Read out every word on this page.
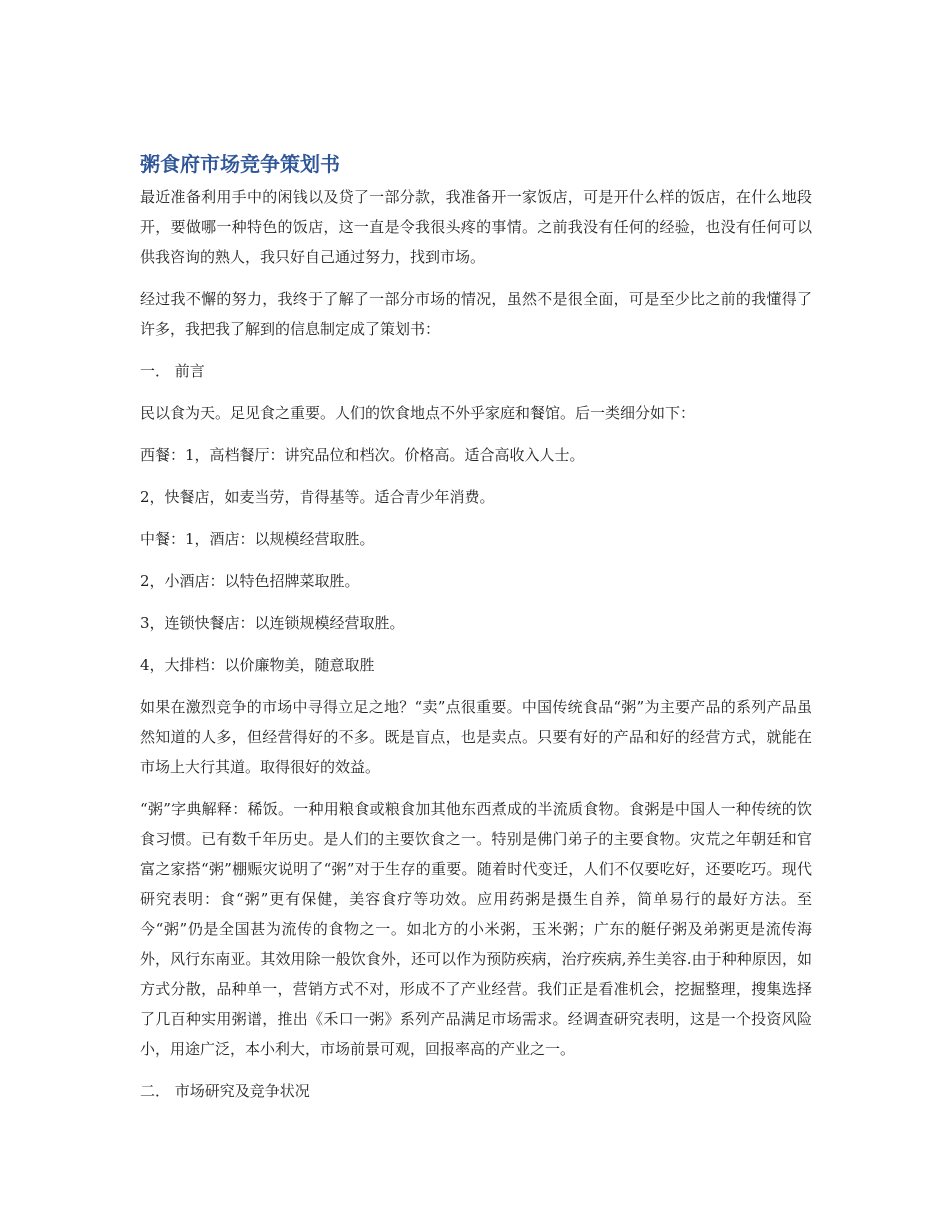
粥食府市场竞争策划书

最近准备利用手中的闲钱以及贷了一部分款，我准备开一家饭店，可是开什么样的饭店，在什么地段开，要做哪一种特色的饭店，这一直是令我很头疼的事情。之前我没有任何的经验，也没有任何可以供我咨询的熟人，我只好自己通过努力，找到市场。

经过我不懈的努力，我终于了解了一部分市场的情况，虽然不是很全面，可是至少比之前的我懂得了许多，我把我了解到的信息制定成了策划书：

一． 前言

民以食为天。足见食之重要。人们的饮食地点不外乎家庭和餐馆。后一类细分如下：

西餐：1，高档餐厅：讲究品位和档次。价格高。适合高收入人士。

2，快餐店，如麦当劳，肯得基等。适合青少年消费。

中餐：1，酒店：以规模经营取胜。

2，小酒店：以特色招牌菜取胜。

3，连锁快餐店：以连锁规模经营取胜。

4，大排档：以价廉物美，随意取胜

如果在激烈竞争的市场中寻得立足之地？“卖”点很重要。中国传统食品“粥”为主要产品的系列产品虽然知道的人多，但经营得好的不多。既是盲点，也是卖点。只要有好的产品和好的经营方式，就能在市场上大行其道。取得很好的效益。

“粥”字典解释：稀饭。一种用粮食或粮食加其他东西煮成的半流质食物。食粥是中国人一种传统的饮食习惯。已有数千年历史。是人们的主要饮食之一。特别是佛门弟子的主要食物。灾荒之年朝廷和官富之家搭“粥”棚赈灾说明了“粥”对于生存的重要。随着时代变迁，人们不仅要吃好，还要吃巧。现代研究表明：食“粥”更有保健，美容食疗等功效。应用药粥是摄生自养，简单易行的最好方法。至今“粥”仍是全国甚为流传的食物之一。如北方的小米粥，玉米粥；广东的艇仔粥及弟粥更是流传海外，风行东南亚。其效用除一般饮食外，还可以作为预防疾病，治疗疾病,养生美容.由于种种原因，如方式分散，品种单一，营销方式不对，形成不了产业经营。我们正是看准机会，挖掘整理，搜集选择了几百种实用粥谱，推出《禾口一粥》系列产品满足市场需求。经调查研究表明，这是一个投资风险小，用途广泛，本小利大，市场前景可观，回报率高的产业之一。

二． 市场研究及竞争状况
